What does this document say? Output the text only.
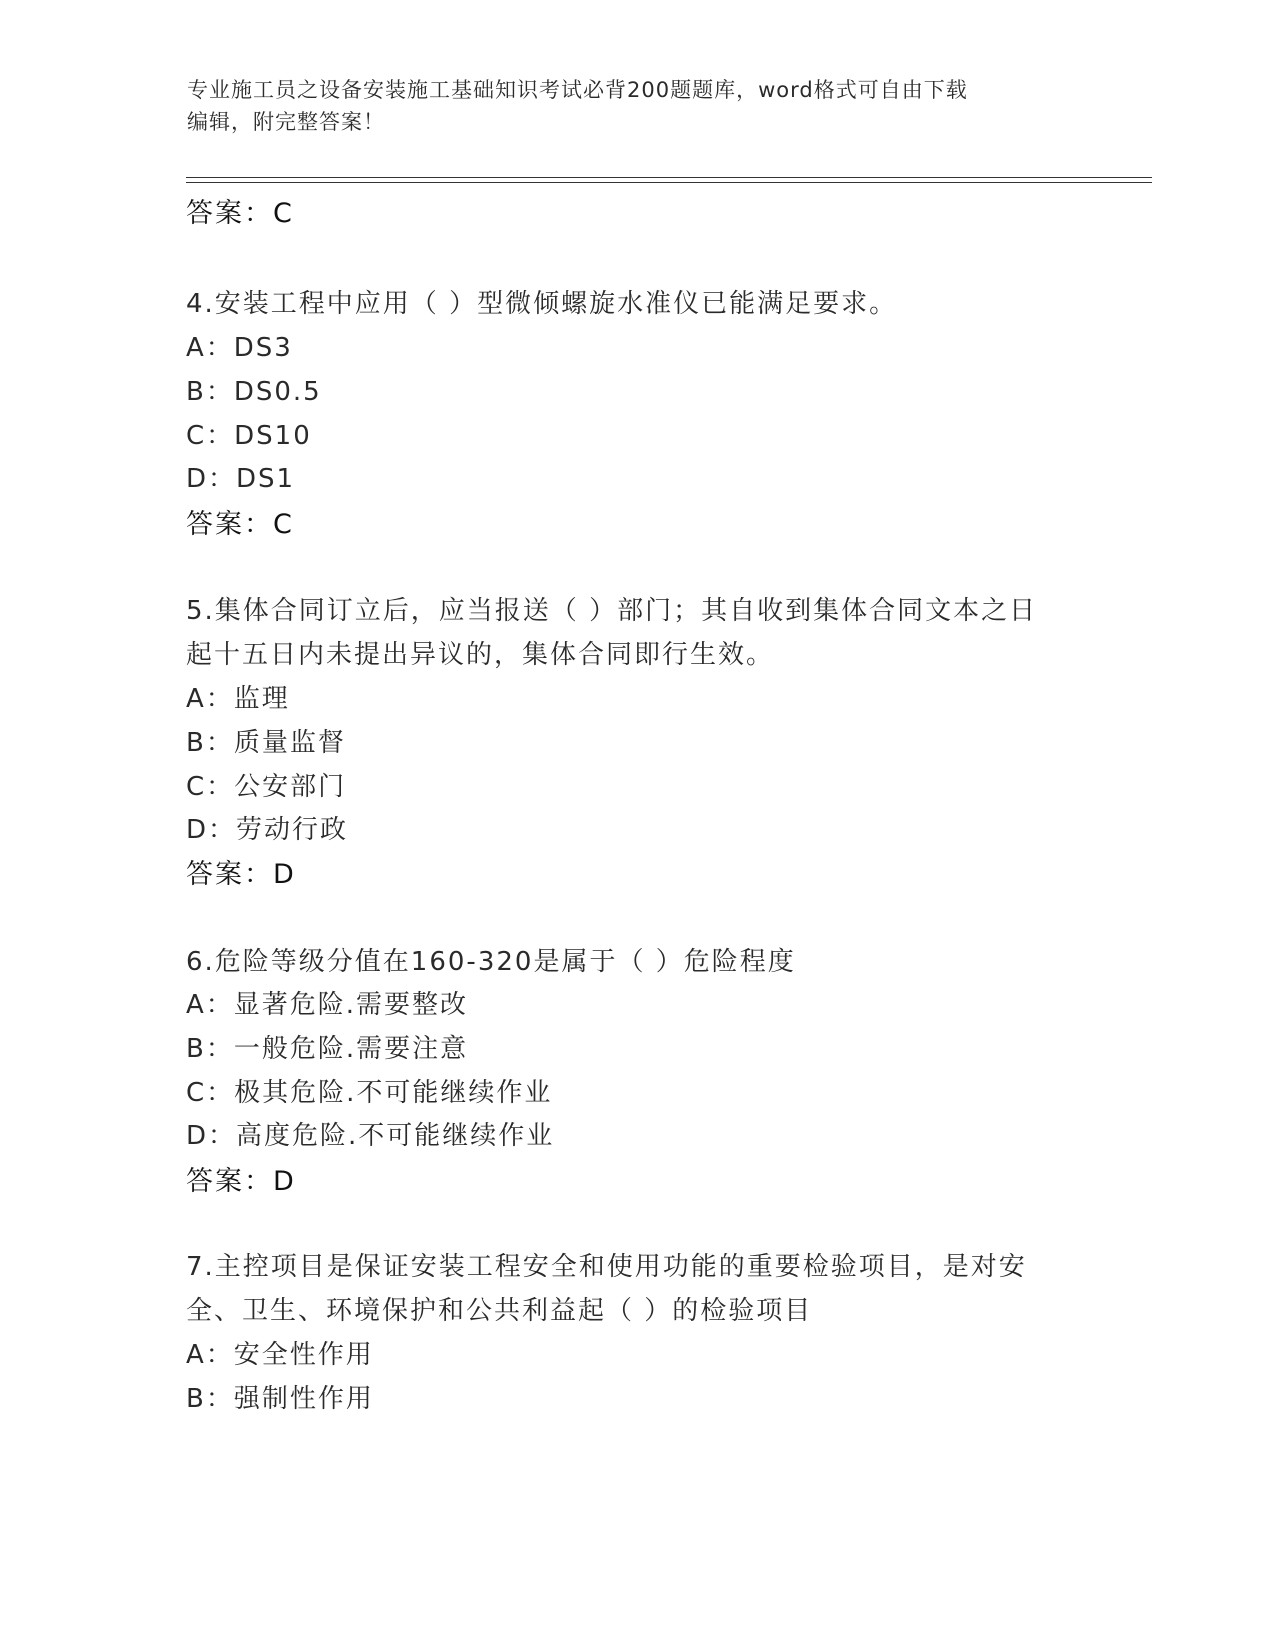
专业施工员之设备安装施工基础知识考试必背200题题库，word格式可自由下载
编辑，附完整答案！
答案：C
4.安装工程中应用（ ）型微倾螺旋水准仪已能满足要求。
A：DS3
B：DS0.5
C：DS10
D：DS1
答案：C
5.集体合同订立后，应当报送（ ）部门；其自收到集体合同文本之日
起十五日内未提出异议的，集体合同即行生效。
A：监理
B：质量监督
C：公安部门
D：劳动行政
答案：D
6.危险等级分值在160-320是属于（ ）危险程度
A：显著危险.需要整改
B：一般危险.需要注意
C：极其危险.不可能继续作业
D：高度危险.不可能继续作业
答案：D
7.主控项目是保证安装工程安全和使用功能的重要检验项目，是对安
全、卫生、环境保护和公共利益起（ ）的检验项目
A：安全性作用
B：强制性作用
